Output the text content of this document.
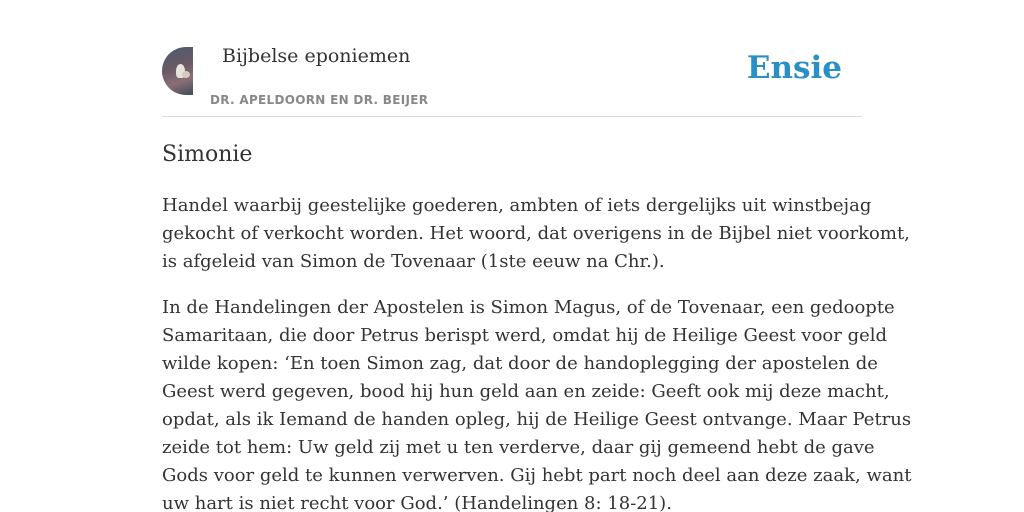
Bijbelse eponiemen
DR. APELDOORN EN DR. BEIJER
Ensie
Simonie

Handel waarbij geestelijke goederen, ambten of iets dergelijks uit winstbejag
gekocht of verkocht worden. Het woord, dat overigens in de Bijbel niet voorkomt,
is afgeleid van Simon de Tovenaar (1ste eeuw na Chr.).

In de Handelingen der Apostelen is Simon Magus, of de Tovenaar, een gedoopte
Samaritaan, die door Petrus berispt werd, omdat hij de Heilige Geest voor geld
wilde kopen: ‘En toen Simon zag, dat door de handoplegging der apostelen de
Geest werd gegeven, bood hij hun geld aan en zeide: Geeft ook mij deze macht,
opdat, als ik Iemand de handen opleg, hij de Heilige Geest ontvange. Maar Petrus
zeide tot hem: Uw geld zij met u ten verderve, daar gij gemeend hebt de gave
Gods voor geld te kunnen verwerven. Gij hebt part noch deel aan deze zaak, want
uw hart is niet recht voor God.’ (Handelingen 8: 18-21).
